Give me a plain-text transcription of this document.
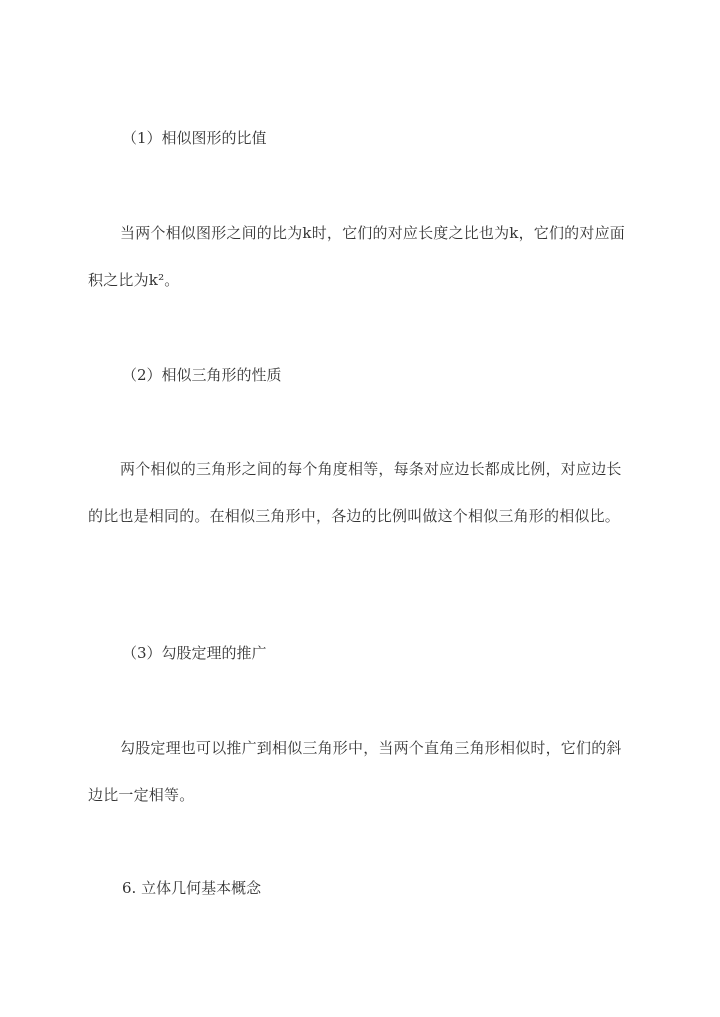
（1）相似图形的比值
当两个相似图形之间的比为k时，它们的对应长度之比也为k，它们的对应面积之比为k²。
（2）相似三角形的性质
两个相似的三角形之间的每个角度相等，每条对应边长都成比例，对应边长的比也是相同的。在相似三角形中，各边的比例叫做这个相似三角形的相似比。
（3）勾股定理的推广
勾股定理也可以推广到相似三角形中，当两个直角三角形相似时，它们的斜边比一定相等。
6. 立体几何基本概念
